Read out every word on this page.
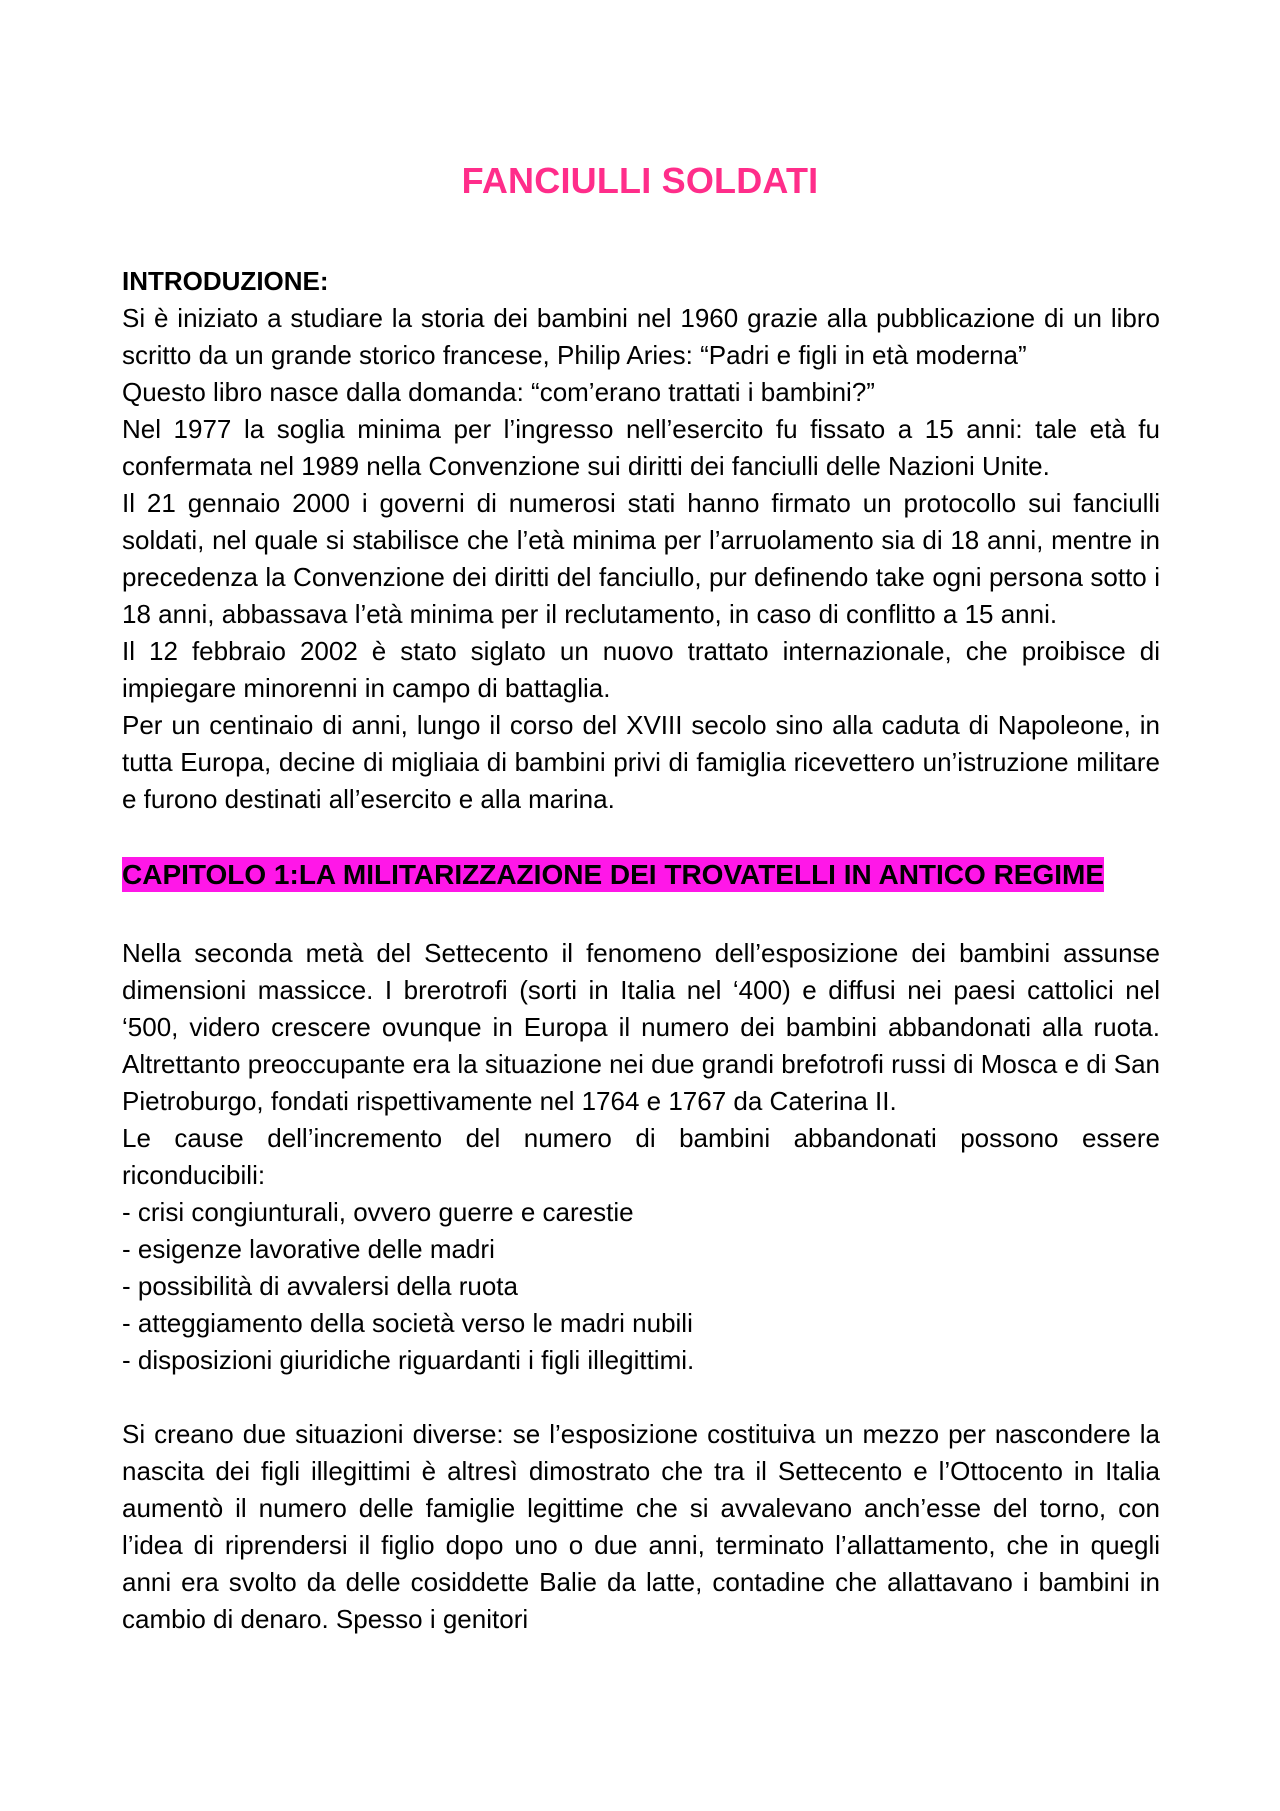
FANCIULLI SOLDATI
INTRODUZIONE:

Si è iniziato a studiare la storia dei bambini nel 1960 grazie alla pubblicazione di un libro scritto da un grande storico francese, Philip Aries: “Padri e figli in età moderna”

Questo libro nasce dalla domanda: “com’erano trattati i bambini?”

Nel 1977 la soglia minima per l’ingresso nell’esercito fu fissato a 15 anni: tale età fu confermata nel 1989 nella Convenzione sui diritti dei fanciulli delle Nazioni Unite.

Il 21 gennaio 2000 i governi di numerosi stati hanno firmato un protocollo sui fanciulli soldati, nel quale si stabilisce che l’età minima per l’arruolamento sia di 18 anni, mentre in precedenza la Convenzione dei diritti del fanciullo, pur definendo take ogni persona sotto i 18 anni, abbassava l’età minima per il reclutamento, in caso di conflitto a 15 anni.

Il 12 febbraio 2002 è stato siglato un nuovo trattato internazionale, che proibisce di impiegare minorenni in campo di battaglia.

Per un centinaio di anni, lungo il corso del XVIII secolo sino alla caduta di Napoleone, in tutta Europa, decine di migliaia di bambini privi di famiglia ricevettero un’istruzione militare e furono destinati all’esercito e alla marina.

CAPITOLO 1:LA MILITARIZZAZIONE DEI TROVATELLI IN ANTICO REGIME

Nella seconda metà del Settecento il fenomeno dell’esposizione dei bambini assunse dimensioni massicce. I brerotrofi (sorti in Italia nel ‘400) e diffusi nei paesi cattolici nel ‘500, videro crescere ovunque in Europa il numero dei bambini abbandonati alla ruota. Altrettanto preoccupante era la situazione nei due grandi brefotrofi russi di Mosca e di San Pietroburgo, fondati rispettivamente nel 1764 e 1767 da Caterina II.

Le cause dell’incremento del numero di bambini abbandonati possono essere riconducibili:

- crisi congiunturali, ovvero guerre e carestie
- esigenze lavorative delle madri
- possibilità di avvalersi della ruota
- atteggiamento della società verso le madri nubili
- disposizioni giuridiche riguardanti i figli illegittimi.

Si creano due situazioni diverse: se l’esposizione costituiva un mezzo per nascondere la nascita dei figli illegittimi è altresì dimostrato che tra il Settecento e l’Ottocento in Italia aumentò il numero delle famiglie legittime che si avvalevano anch’esse del torno, con l’idea di riprendersi il figlio dopo uno o due anni, terminato l’allattamento, che in quegli anni era svolto da delle cosiddette Balie da latte, contadine che allattavano i bambini in cambio di denaro. Spesso i genitori
